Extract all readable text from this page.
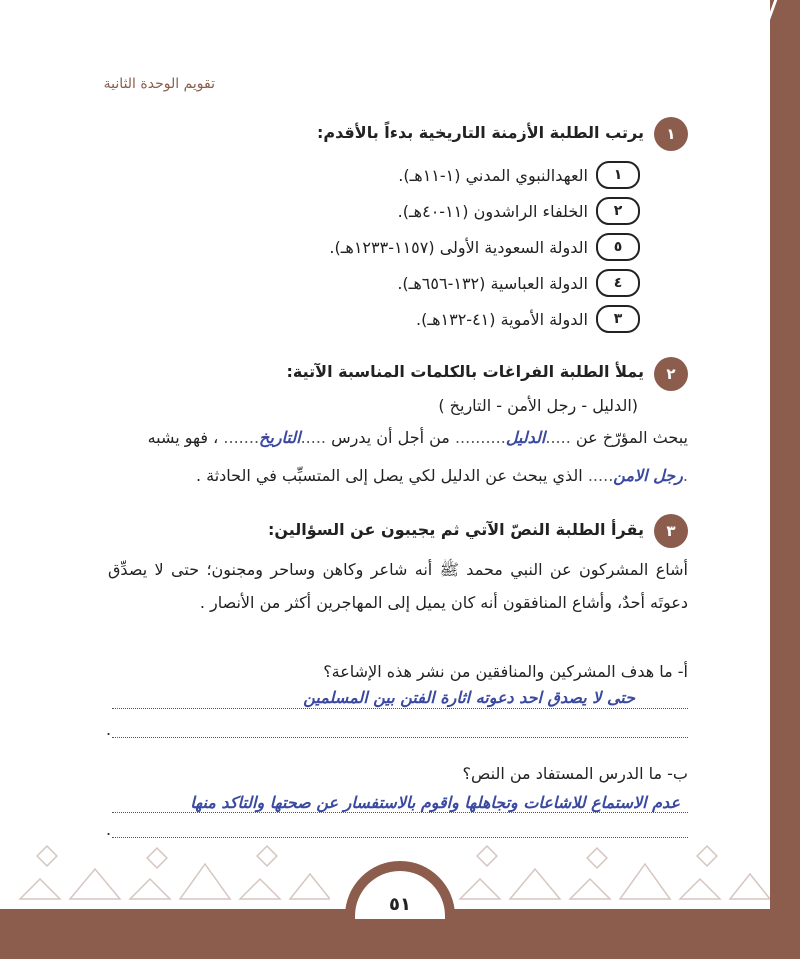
٥١
تقويم الوحدة الثانية
١
يرتب الطلبة الأزمنة التاريخية بدءاً بالأقدم:
١
العهدالنبوي المدني (١-١١هـ).
٢
الخلفاء الراشدون (١١-٤٠هـ).
٥
الدولة السعودية الأولى (١١٥٧-١٢٣٣هـ).
٤
الدولة العباسية (١٣٢-٦٥٦هـ).
٣
الدولة الأموية (٤١-١٣٢هـ).
٢
يملأ الطلبة الفراغات بالكلمات المناسبة الآتية:
(الدليل - رجل الأمن - التاريخ )
يبحث المؤرّخ عن .....الدليل.......... من أجل أن يدرس .....التاريخ....... ، فهو يشبه
.رجل الامن..... الذي يبحث عن الدليل لكي يصل إلى المتسبِّب في الحادثة .
٣
يقرأ الطلبة النصّ الآتي ثم يجيبون عن السؤالين:
أشاع المشركون عن النبي محمد ﷺ أنه شاعر وكاهن وساحر ومجنون؛ حتى لا يصدِّق دعوتَه أحدٌ، وأشاع المنافقون أنه كان يميل إلى المهاجرين أكثر من الأنصار .
أ- ما هدف المشركين والمنافقين من نشر هذه الإشاعة؟
حتى لا يصدق احد دعوته اثارة الفتن بين المسلمين
.
ب- ما الدرس المستفاد من النص؟
عدم الاستماع للاشاعات وتجاهلها واقوم بالاستفسار عن صحتها والتاكد منها
.
